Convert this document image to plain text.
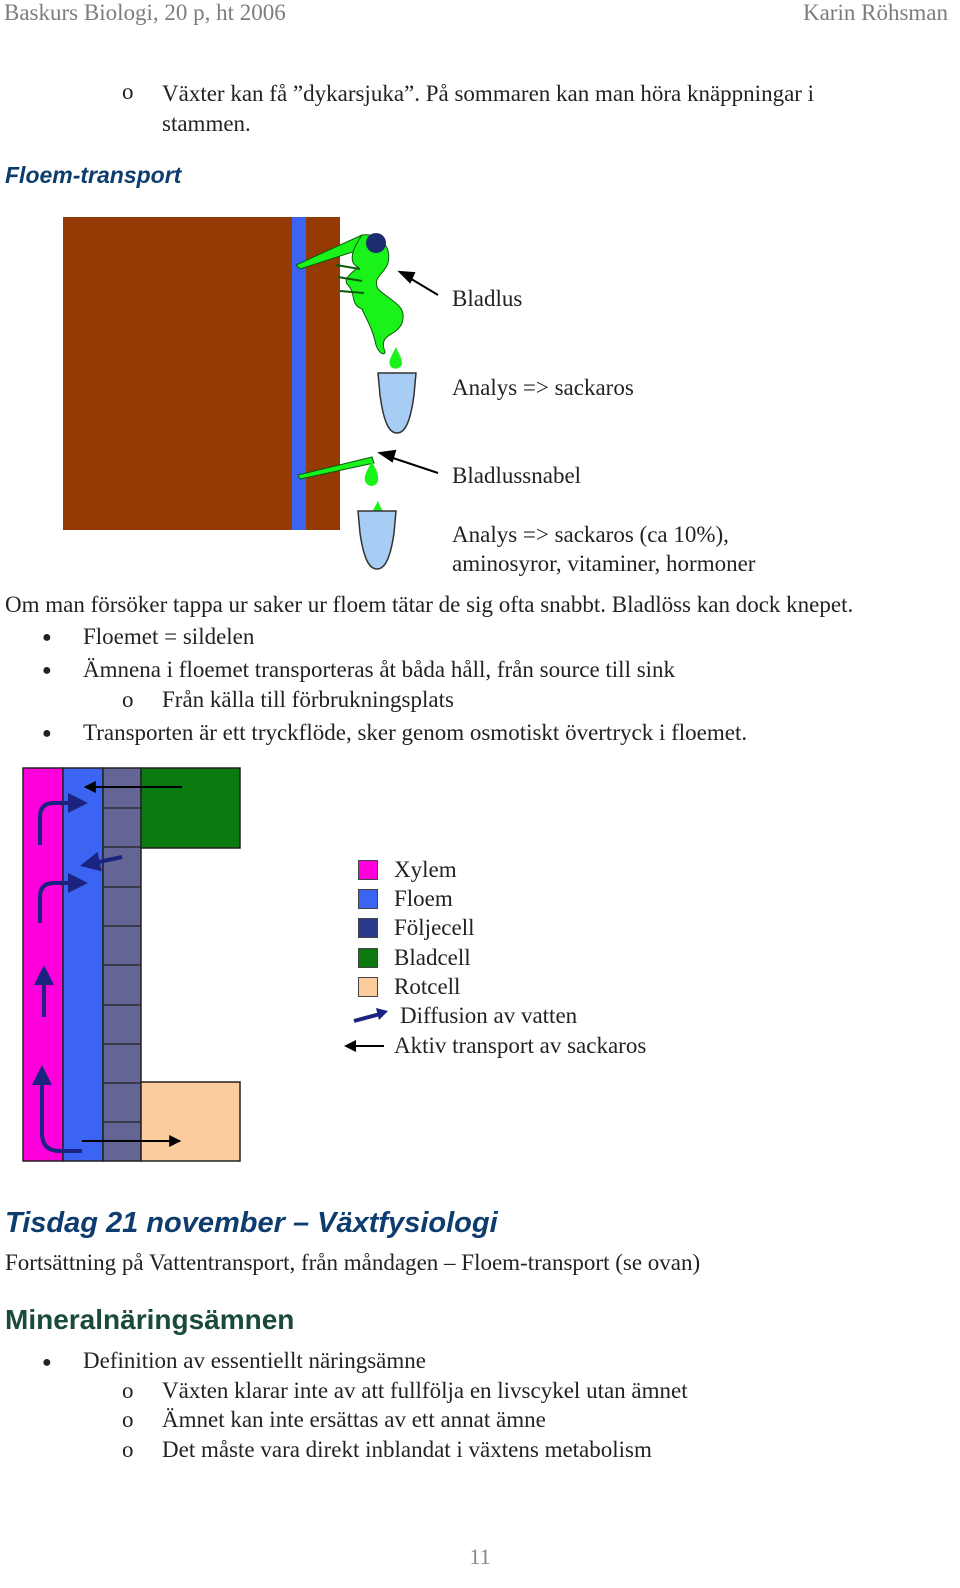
Baskurs Biologi, 20 p, ht 2006	Karin Röhsman
o Växter kan få ”dykarsjuka”. På sommaren kan man höra knäppningar i
stammen.
Floem-transport
Bladlus
Analys => sackaros
Bladlussnabel
Analys => sackaros (ca 10%),
aminosyror, vitaminer, hormoner
Om man försöker tappa ur saker ur floem tätar de sig ofta snabbt. Bladlöss kan dock knepet.
● Floemet = sildelen
● Ämnena i floemet transporteras åt båda håll, från source till sink
o Från källa till förbrukningsplats
● Transporten är ett tryckflöde, sker genom osmotiskt övertryck i floemet.
Xylem
Floem
Följecell
Bladcell
Rotcell
Diffusion av vatten
Aktiv transport av sackaros
Tisdag 21 november – Växtfysiologi
Fortsättning på Vattentransport, från måndagen – Floem-transport (se ovan)
Mineralnäringsämnen
● Definition av essentiellt näringsämne
o Växten klarar inte av att fullfölja en livscykel utan ämnet
o Ämnet kan inte ersättas av ett annat ämne
o Det måste vara direkt inblandat i växtens metabolism
11
